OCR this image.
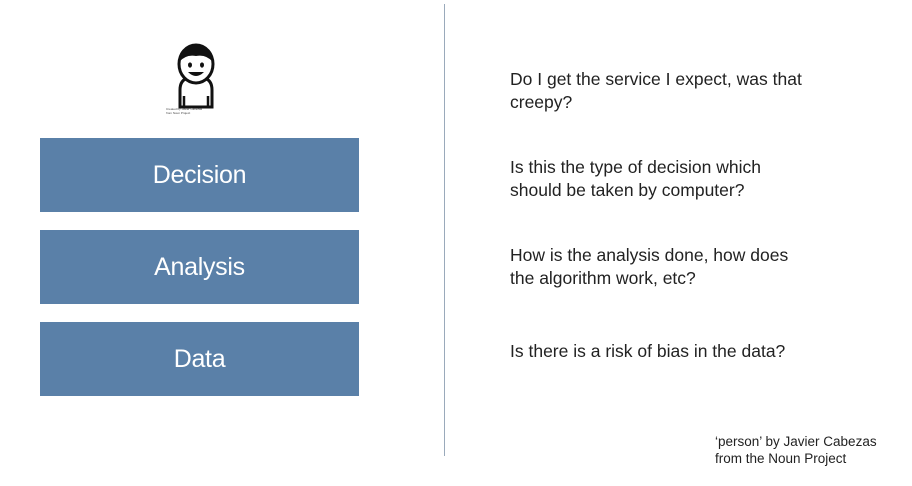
Created by Javier Cabezas
from Noun Project
Decision
Analysis
Data
Do I get the service I expect, was that
creepy?
Is this the type of decision which
should be taken by computer?
How is the analysis done, how does
the algorithm work, etc?
Is there is a risk of bias in the data?
‘person’ by Javier Cabezas
from the Noun Project
